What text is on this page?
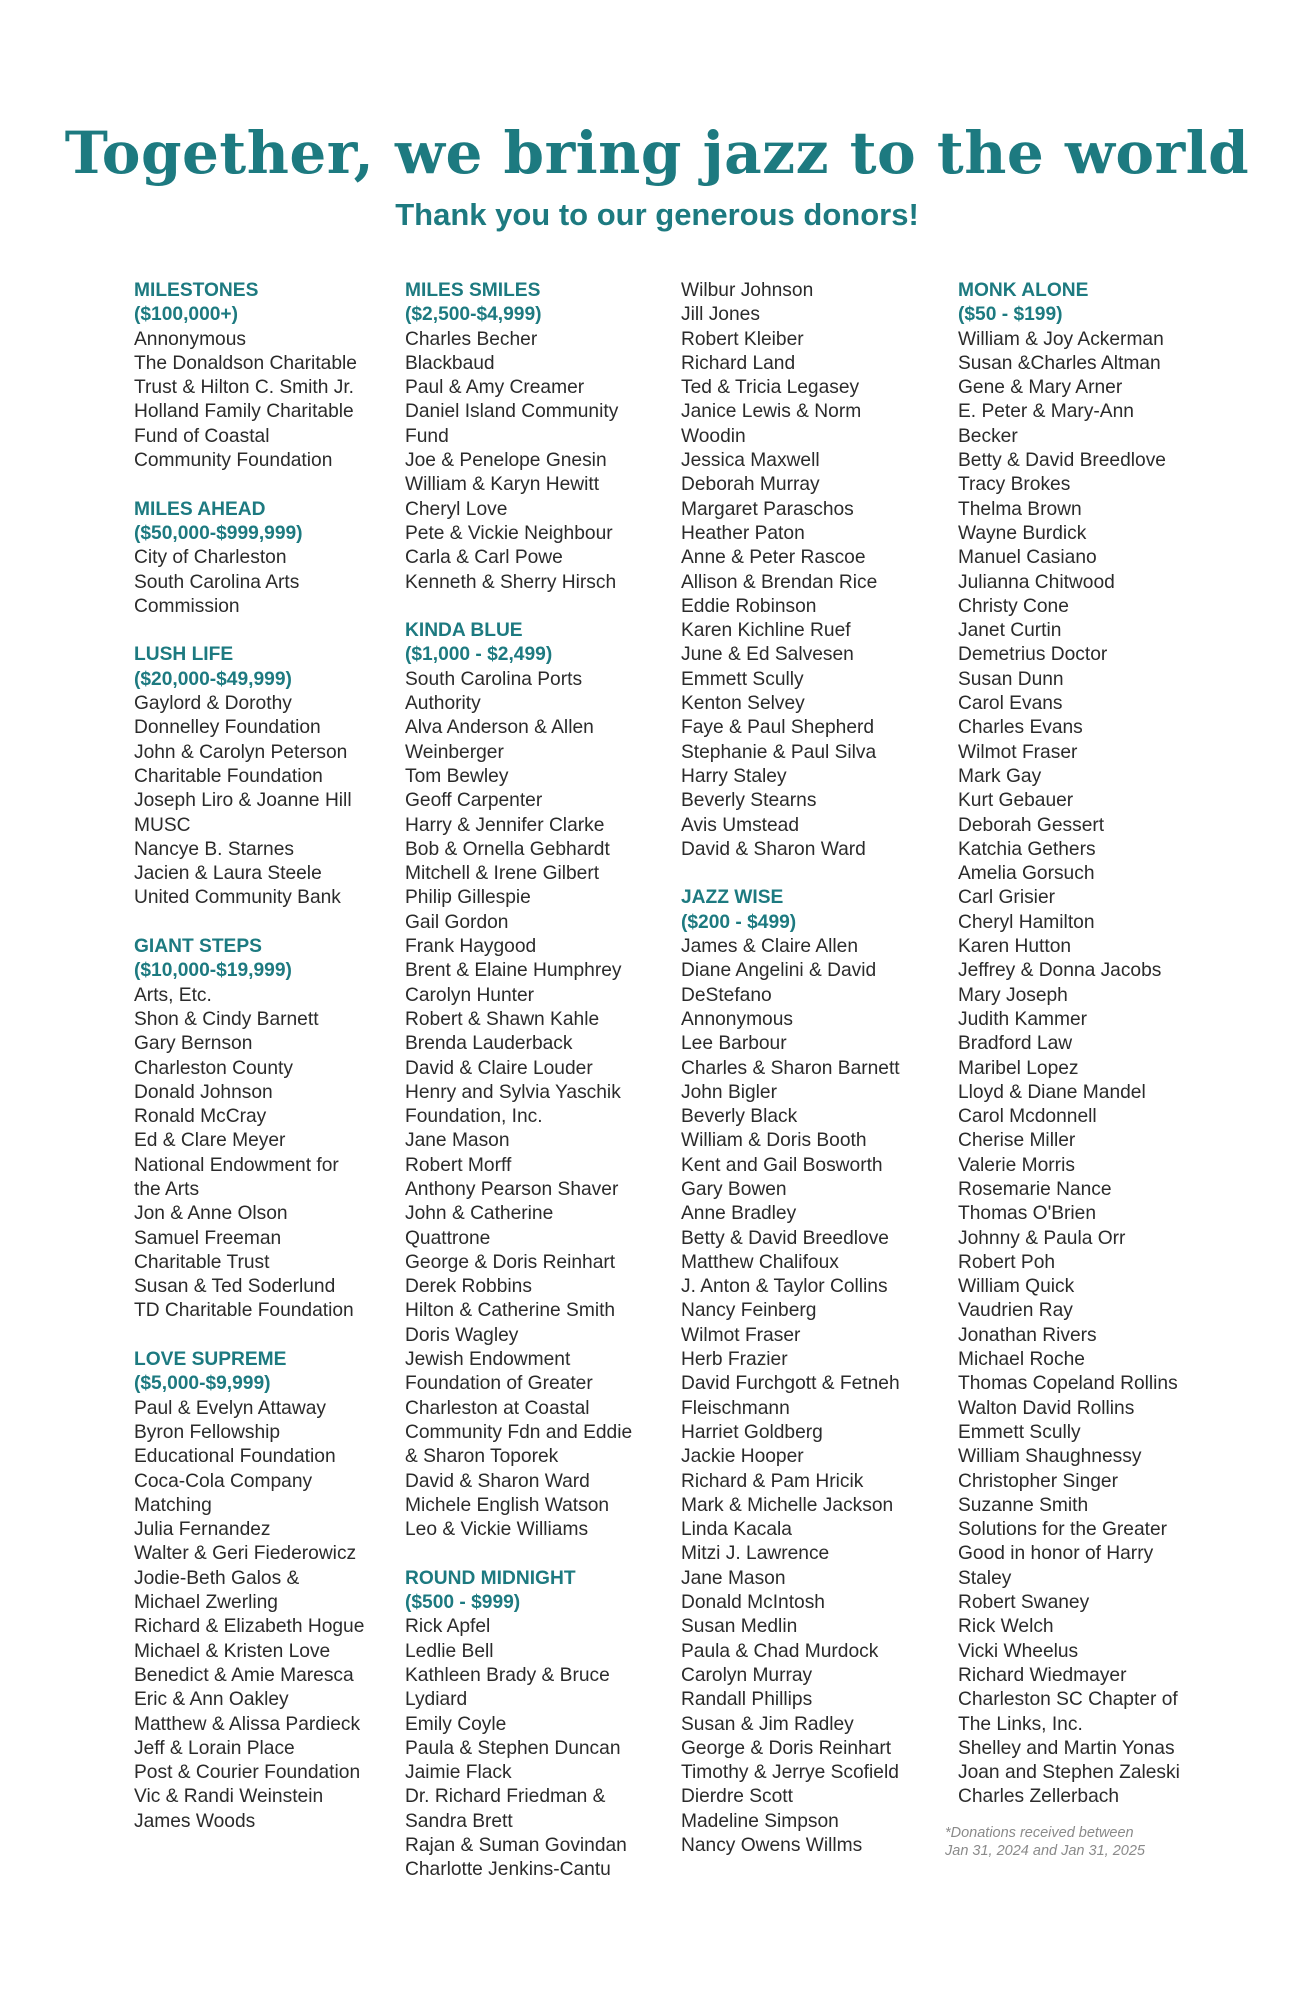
Together, we bring jazz to the world
Thank you to our generous donors!
MILESTONES
($100,000+)
Annonymous
The Donaldson Charitable
Trust & Hilton C. Smith Jr.
Holland Family Charitable
Fund of Coastal
Community Foundation
MILES AHEAD
($50,000-$999,999)
City of Charleston
South Carolina Arts
Commission
LUSH LIFE
($20,000-$49,999)
Gaylord & Dorothy
Donnelley Foundation
John & Carolyn Peterson
Charitable Foundation
Joseph Liro & Joanne Hill
MUSC
Nancye B. Starnes
Jacien & Laura Steele
United Community Bank
GIANT STEPS
($10,000-$19,999)
Arts, Etc.
Shon & Cindy Barnett
Gary Bernson
Charleston County
Donald Johnson
Ronald McCray
Ed & Clare Meyer
National Endowment for
the Arts
Jon & Anne Olson
Samuel Freeman
Charitable Trust
Susan & Ted Soderlund
TD Charitable Foundation
LOVE SUPREME
($5,000-$9,999)
Paul & Evelyn Attaway
Byron Fellowship
Educational Foundation
Coca-Cola Company
Matching
Julia Fernandez
Walter & Geri Fiederowicz
Jodie-Beth Galos &
Michael Zwerling
Richard & Elizabeth Hogue
Michael & Kristen Love
Benedict & Amie Maresca
Eric & Ann Oakley
Matthew & Alissa Pardieck
Jeff & Lorain Place
Post & Courier Foundation
Vic & Randi Weinstein
James Woods
MILES SMILES
($2,500-$4,999)
Charles Becher
Blackbaud
Paul & Amy Creamer
Daniel Island Community
Fund
Joe & Penelope Gnesin
William & Karyn Hewitt
Cheryl Love
Pete & Vickie Neighbour
Carla & Carl Powe
Kenneth & Sherry Hirsch
KINDA BLUE
($1,000 - $2,499)
South Carolina Ports
Authority
Alva Anderson & Allen
Weinberger
Tom Bewley
Geoff Carpenter
Harry & Jennifer Clarke
Bob & Ornella Gebhardt
Mitchell & Irene Gilbert
Philip Gillespie
Gail Gordon
Frank Haygood
Brent & Elaine Humphrey
Carolyn Hunter
Robert & Shawn Kahle
Brenda Lauderback
David & Claire Louder
Henry and Sylvia Yaschik
Foundation, Inc.
Jane Mason
Robert Morff
Anthony Pearson Shaver
John & Catherine
Quattrone
George & Doris Reinhart
Derek Robbins
Hilton & Catherine Smith
Doris Wagley
Jewish Endowment
Foundation of Greater
Charleston at Coastal
Community Fdn and Eddie
& Sharon Toporek
David & Sharon Ward
Michele English Watson
Leo & Vickie Williams
ROUND MIDNIGHT
($500 - $999)
Rick Apfel
Ledlie Bell
Kathleen Brady & Bruce
Lydiard
Emily Coyle
Paula & Stephen Duncan
Jaimie Flack
Dr. Richard Friedman &
Sandra Brett
Rajan & Suman Govindan
Charlotte Jenkins-Cantu
Wilbur Johnson
Jill Jones
Robert Kleiber
Richard Land
Ted & Tricia Legasey
Janice Lewis & Norm
Woodin
Jessica Maxwell
Deborah Murray
Margaret Paraschos
Heather Paton
Anne & Peter Rascoe
Allison & Brendan Rice
Eddie Robinson
Karen Kichline Ruef
June & Ed Salvesen
Emmett Scully
Kenton Selvey
Faye & Paul Shepherd
Stephanie & Paul Silva
Harry Staley
Beverly Stearns
Avis Umstead
David & Sharon Ward
JAZZ WISE
($200 - $499)
James & Claire Allen
Diane Angelini & David
DeStefano
Annonymous
Lee Barbour
Charles & Sharon Barnett
John Bigler
Beverly Black
William & Doris Booth
Kent and Gail Bosworth
Gary Bowen
Anne Bradley
Betty & David Breedlove
Matthew Chalifoux
J. Anton & Taylor Collins
Nancy Feinberg
Wilmot Fraser
Herb Frazier
David Furchgott & Fetneh
Fleischmann
Harriet Goldberg
Jackie Hooper
Richard & Pam Hricik
Mark & Michelle Jackson
Linda Kacala
Mitzi J. Lawrence
Jane Mason
Donald McIntosh
Susan Medlin
Paula & Chad Murdock
Carolyn Murray
Randall Phillips
Susan & Jim Radley
George & Doris Reinhart
Timothy & Jerrye Scofield
Dierdre Scott
Madeline Simpson
Nancy Owens Willms
MONK ALONE
($50 - $199)
William & Joy Ackerman
Susan &Charles Altman
Gene & Mary Arner
E. Peter & Mary-Ann
Becker
Betty & David Breedlove
Tracy Brokes
Thelma Brown
Wayne Burdick
Manuel Casiano
Julianna Chitwood
Christy Cone
Janet Curtin
Demetrius Doctor
Susan Dunn
Carol Evans
Charles Evans
Wilmot Fraser
Mark Gay
Kurt Gebauer
Deborah Gessert
Katchia Gethers
Amelia Gorsuch
Carl Grisier
Cheryl Hamilton
Karen Hutton
Jeffrey & Donna Jacobs
Mary Joseph
Judith Kammer
Bradford Law
Maribel Lopez
Lloyd & Diane Mandel
Carol Mcdonnell
Cherise Miller
Valerie Morris
Rosemarie Nance
Thomas O'Brien
Johnny & Paula Orr
Robert Poh
William Quick
Vaudrien Ray
Jonathan Rivers
Michael Roche
Thomas Copeland Rollins
Walton David Rollins
Emmett Scully
William Shaughnessy
Christopher Singer
Suzanne Smith
Solutions for the Greater
Good in honor of Harry
Staley
Robert Swaney
Rick Welch
Vicki Wheelus
Richard Wiedmayer
Charleston SC Chapter of
The Links, Inc.
Shelley and Martin Yonas
Joan and Stephen Zaleski
Charles Zellerbach
*Donations received between
Jan 31, 2024 and Jan 31, 2025
